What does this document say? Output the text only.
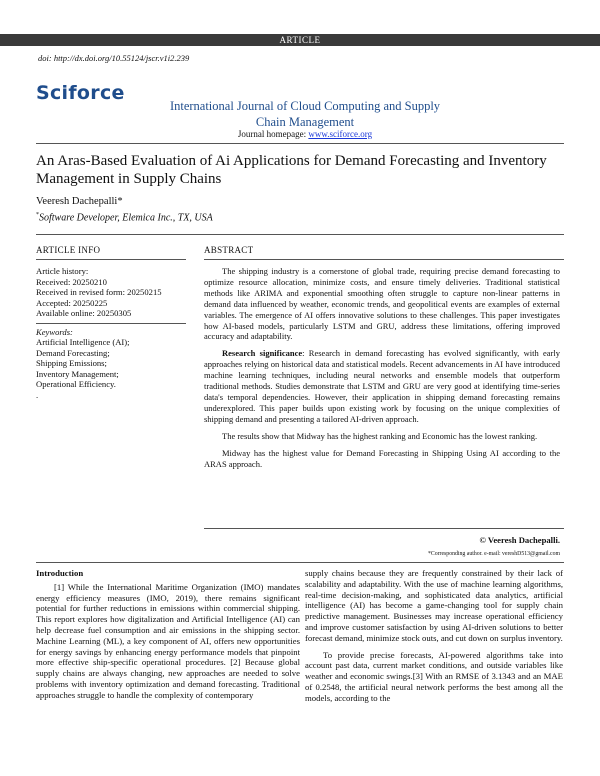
ARTICLE
doi: http://dx.doi.org/10.55124/jscr.v1i2.239
Sciforce
International Journal of Cloud Computing and Supply Chain Management
Journal homepage: www.sciforce.org
An Aras-Based Evaluation of Ai Applications for Demand Forecasting and Inventory Management in Supply Chains
Veeresh Dachepalli*
*Software Developer, Elemica Inc., TX, USA
ARTICLE INFO	ABSTRACT
Article history:
Received: 20250210
Received in revised form: 20250215
Accepted: 20250225
Available online: 20250305
Keywords:
Artificial Intelligence (AI);
Demand Forecasting;
Shipping Emissions;
Inventory Management;
Operational Efficiency.
.

The shipping industry is a cornerstone of global trade, requiring precise demand forecasting to optimize resource allocation, minimize costs, and ensure timely deliveries. Traditional statistical methods like ARIMA and exponential smoothing often struggle to capture non-linear patterns in demand data influenced by weather, economic trends, and geopolitical events are examples of external variables. The emergence of AI offers innovative solutions to these challenges. This paper investigates how AI-based models, particularly LSTM and GRU, address these limitations, offering improved accuracy and adaptability.

Research significance: Research in demand forecasting has evolved significantly, with early approaches relying on historical data and statistical models. Recent advancements in AI have introduced machine learning techniques, including neural networks and ensemble models that outperform traditional methods. Studies demonstrate that LSTM and GRU are very good at identifying time-series data's temporal dependencies. However, their application in shipping demand forecasting remains underexplored. This paper builds upon existing work by focusing on the unique complexities of shipping demand and presenting a tailored AI-driven approach.

The results show that Midway has the highest ranking and Economic has the lowest ranking.

Midway has the highest value for Demand Forecasting in Shipping Using AI according to the ARAS approach.

© Veeresh Dachepalli.
*Corresponding author. e-mail: vereshD513@gmail.com
Introduction

[1] While the International Maritime Organization (IMO) mandates energy efficiency measures (IMO, 2019), there remains significant potential for further reductions in emissions within commercial shipping. This report explores how digitalization and Artificial Intelligence (AI) can help decrease fuel consumption and air emissions in the shipping sector. Machine Learning (ML), a key component of AI, offers new opportunities for energy savings by enhancing energy performance models that pinpoint more effective ship-specific operational procedures. [2] Because global supply chains are always changing, new approaches are needed to solve problems with inventory optimization and demand forecasting. Traditional approaches struggle to handle the complexity of contemporary

supply chains because they are frequently constrained by their lack of scalability and adaptability. With the use of machine learning algorithms, real-time decision-making, and sophisticated data analytics, artificial intelligence (AI) has become a game-changing tool for supply chain predictive management. Businesses may increase operational efficiency and improve customer satisfaction by using AI-driven solutions to better forecast demand, minimize stock outs, and cut down on surplus inventory.

To provide precise forecasts, AI-powered algorithms take into account past data, current market conditions, and outside variables like weather and economic swings.[3] With an RMSE of 3.1343 and an MAE of 0.2548, the artificial neural network performs the best among all the models, according to the
